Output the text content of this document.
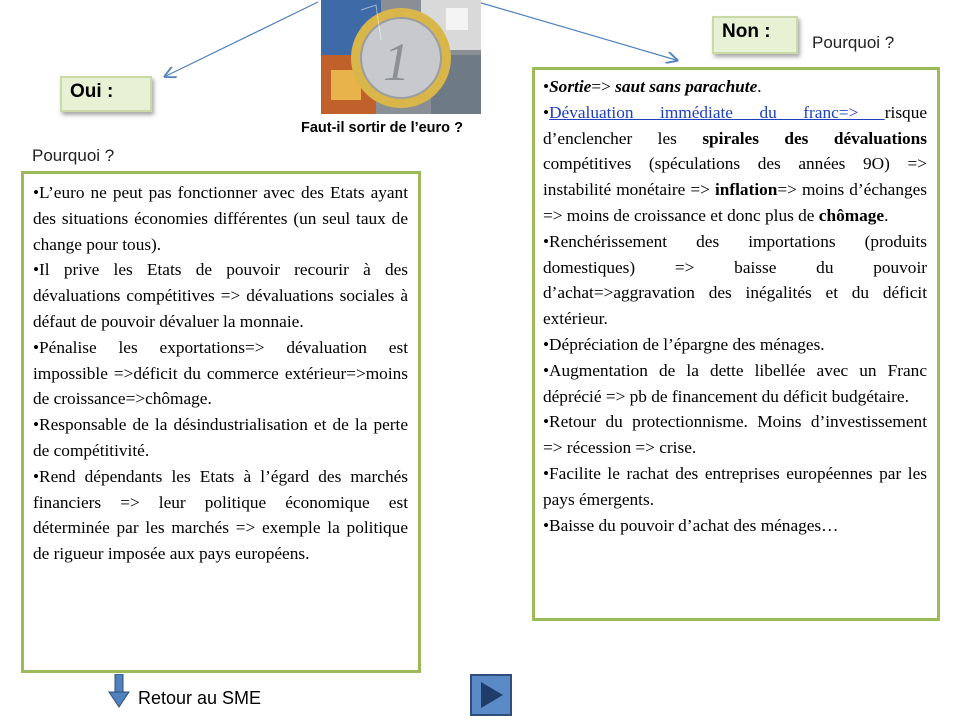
1
Faut-il sortir de l’euro ?
Oui :
Pourquoi ?
•L’euro ne peut pas fonctionner avec des Etats ayant des situations économies différentes (un seul taux de change pour tous).
•Il prive les Etats de pouvoir recourir à des dévaluations compétitives => dévaluations sociales à défaut de pouvoir dévaluer la monnaie.
•Pénalise les exportations=> dévaluation est impossible =>déficit du commerce extérieur=>moins de croissance=>chômage.
•Responsable de la désindustrialisation et de la perte de compétitivité.
•Rend dépendants les Etats à l’égard des marchés financiers => leur politique économique est déterminée par les marchés => exemple la politique de rigueur imposée aux pays européens.
Non :
Pourquoi ?
•Sortie=> saut sans parachute.
•Dévaluation immédiate du franc=> risque d’enclencher les spirales des dévaluations compétitives (spéculations des années 9O) => instabilité monétaire => inflation=> moins d’échanges => moins de croissance et donc plus de chômage.
•Renchérissement des importations (produits domestiques) => baisse du pouvoir d’achat=>aggravation des inégalités et du déficit extérieur.
•Dépréciation de l’épargne des ménages.
•Augmentation de la dette libellée avec un Franc déprécié => pb de financement du déficit budgétaire.
•Retour du protectionnisme. Moins d’investissement => récession => crise.
•Facilite le rachat des entreprises européennes par les pays émergents.
•Baisse du pouvoir d’achat des ménages…
Retour au SME
